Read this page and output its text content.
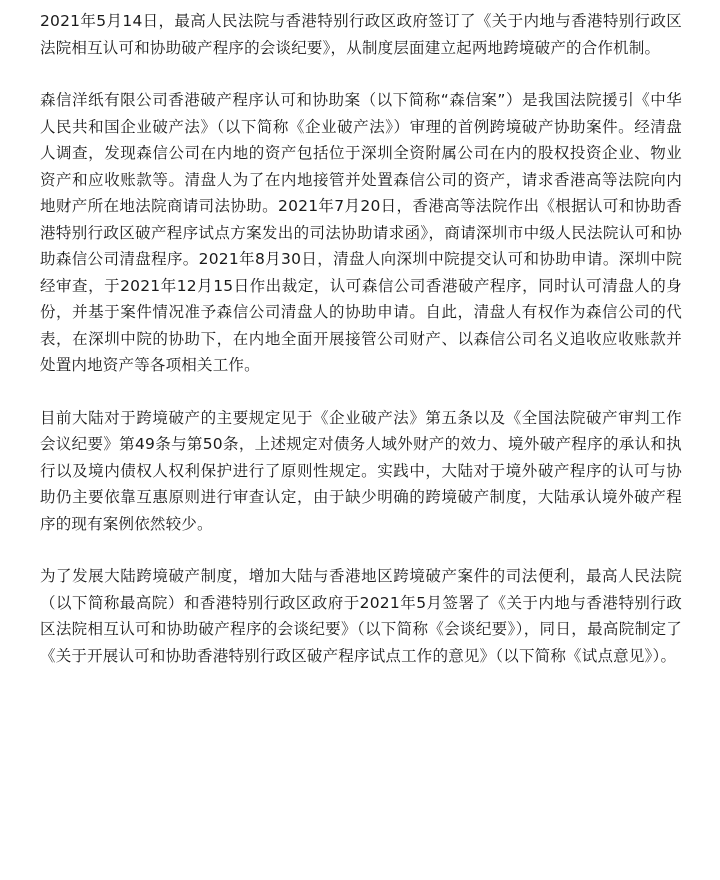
2021年5月14日，最高人民法院与香港特别行政区政府签订了《关于内地与香港特别行政区法院相互认可和协助破产程序的会谈纪要》，从制度层面建立起两地跨境破产的合作机制。

森信洋纸有限公司香港破产程序认可和协助案（以下简称“森信案”）是我国法院援引《中华人民共和国企业破产法》（以下简称《企业破产法》）审理的首例跨境破产协助案件。经清盘人调查，发现森信公司在内地的资产包括位于深圳全资附属公司在内的股权投资企业、物业资产和应收账款等。清盘人为了在内地接管并处置森信公司的资产，请求香港高等法院向内地财产所在地法院商请司法协助。2021年7月20日，香港高等法院作出《根据认可和协助香港特别行政区破产程序试点方案发出的司法协助请求函》，商请深圳市中级人民法院认可和协助森信公司清盘程序。2021年8月30日，清盘人向深圳中院提交认可和协助申请。深圳中院经审查，于2021年12月15日作出裁定，认可森信公司香港破产程序，同时认可清盘人的身份，并基于案件情况准予森信公司清盘人的协助申请。自此，清盘人有权作为森信公司的代表，在深圳中院的协助下，在内地全面开展接管公司财产、以森信公司名义追收应收账款并处置内地资产等各项相关工作。

目前大陆对于跨境破产的主要规定见于《企业破产法》第五条以及《全国法院破产审判工作会议纪要》第49条与第50条，上述规定对债务人域外财产的效力、境外破产程序的承认和执行以及境内债权人权利保护进行了原则性规定。实践中，大陆对于境外破产程序的认可与协助仍主要依靠互惠原则进行审查认定，由于缺少明确的跨境破产制度，大陆承认境外破产程序的现有案例依然较少。

为了发展大陆跨境破产制度，增加大陆与香港地区跨境破产案件的司法便利，最高人民法院（以下简称最高院）和香港特别行政区政府于2021年5月签署了《关于内地与香港特别行政区法院相互认可和协助破产程序的会谈纪要》（以下简称《会谈纪要》），同日，最高院制定了《关于开展认可和协助香港特别行政区破产程序试点工作的意见》（以下简称《试点意见》）。
